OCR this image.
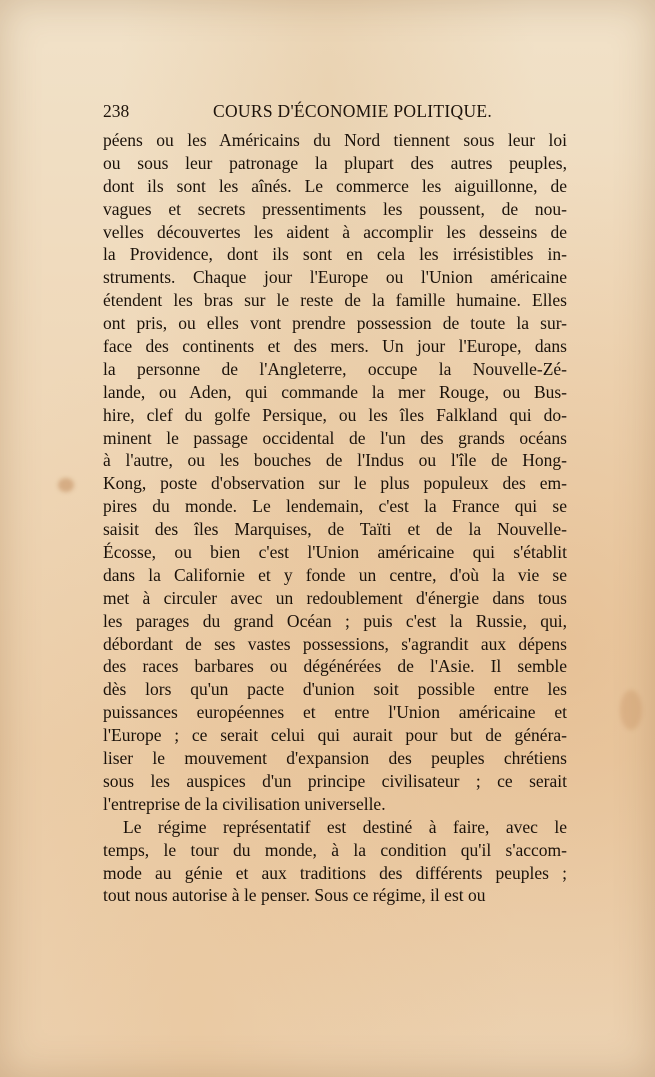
238	COURS D'ÉCONOMIE POLITIQUE.
péens ou les Américains du Nord tiennent sous leur loi
ou sous leur patronage la plupart des autres peuples,
dont ils sont les aînés. Le commerce les aiguillonne, de
vagues et secrets pressentiments les poussent, de nou-
velles découvertes les aident à accomplir les desseins de
la Providence, dont ils sont en cela les irrésistibles in-
struments. Chaque jour l'Europe ou l'Union américaine
étendent les bras sur le reste de la famille humaine. Elles
ont pris, ou elles vont prendre possession de toute la sur-
face des continents et des mers. Un jour l'Europe, dans
la personne de l'Angleterre, occupe la Nouvelle-Zé-
lande, ou Aden, qui commande la mer Rouge, ou Bus-
hire, clef du golfe Persique, ou les îles Falkland qui do-
minent le passage occidental de l'un des grands océans
à l'autre, ou les bouches de l'Indus ou l'île de Hong-
Kong, poste d'observation sur le plus populeux des em-
pires du monde. Le lendemain, c'est la France qui se
saisit des îles Marquises, de Taïti et de la Nouvelle-
Écosse, ou bien c'est l'Union américaine qui s'établit
dans la Californie et y fonde un centre, d'où la vie se
met à circuler avec un redoublement d'énergie dans tous
les parages du grand Océan ; puis c'est la Russie, qui,
débordant de ses vastes possessions, s'agrandit aux dépens
des races barbares ou dégénérées de l'Asie. Il semble
dès lors qu'un pacte d'union soit possible entre les
puissances européennes et entre l'Union américaine et
l'Europe ; ce serait celui qui aurait pour but de généra-
liser le mouvement d'expansion des peuples chrétiens
sous les auspices d'un principe civilisateur ; ce serait
l'entreprise de la civilisation universelle.
Le régime représentatif est destiné à faire, avec le
temps, le tour du monde, à la condition qu'il s'accom-
mode au génie et aux traditions des différents peuples ;
tout nous autorise à le penser. Sous ce régime, il est ou
